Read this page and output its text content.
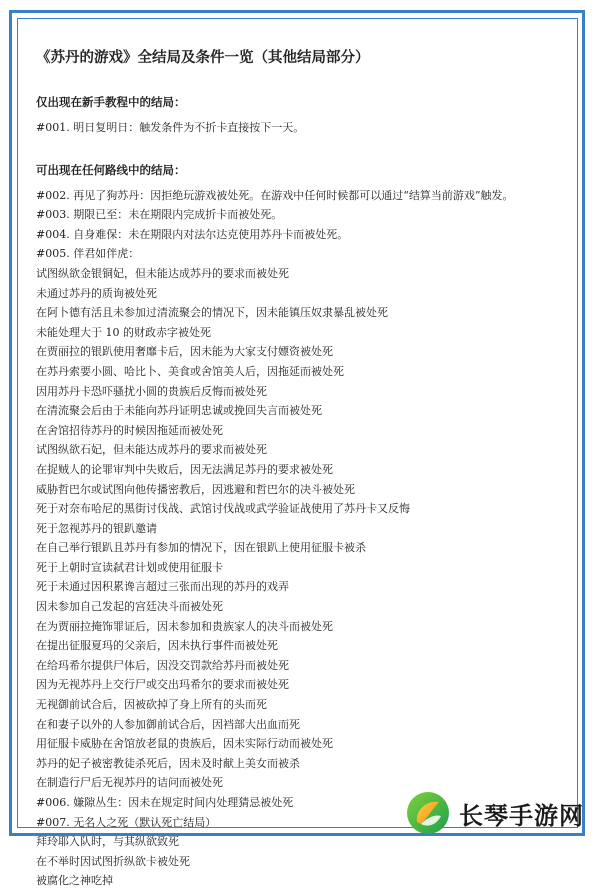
《苏丹的游戏》全结局及条件一览（其他结局部分）
仅出现在新手教程中的结局：
#001. 明日复明日：触发条件为不折卡直接按下一天。
可出现在任何路线中的结局：
#002. 再见了狗苏丹：因拒绝玩游戏被处死。在游戏中任何时候都可以通过“结算当前游戏”触发。
#003. 期限已至：未在期限内完成折卡而被处死。
#004. 自身难保：未在期限内对法尔达克使用苏丹卡而被处死。
#005. 伴君如伴虎：
试图纵欲金银铜妃，但未能达成苏丹的要求而被处死
未通过苏丹的质询被处死
在阿卜德有活且未参加过清流聚会的情况下，因未能镇压奴隶暴乱被处死
未能处理大于 10 的财政赤字被处死
在贾丽拉的银趴使用奢靡卡后，因未能为大家支付嫖资被处死
在苏丹索要小圆、哈比卜、美食或舍馆美人后，因拖延而被处死
因用苏丹卡恐吓骚扰小圆的贵族后反悔而被处死
在清流聚会后由于未能向苏丹证明忠诚或挽回失言而被处死
在舍馆招待苏丹的时候因拖延而被处死
试图纵欲石妃，但未能达成苏丹的要求而被处死
在捉贼人的论罪审判中失败后，因无法满足苏丹的要求被处死
威胁哲巴尔或试图向他传播密教后，因逃避和哲巴尔的决斗被处死
死于对奈布哈尼的黑街讨伐战、武馆讨伐战或武学验证战使用了苏丹卡又反悔
死于忽视苏丹的银趴邀请
在自己举行银趴且苏丹有参加的情况下，因在银趴上使用征服卡被杀
死于上朝时宣读弑君计划或使用征服卡
死于未通过因积累谗言超过三张而出现的苏丹的戏弄
因未参加自己发起的宫廷决斗而被处死
在为贾丽拉掩饰罪证后，因未参加和贵族家人的决斗而被处死
在提出征服夏玛的父亲后，因未执行事件而被处死
在给玛希尔提供尸体后，因没交罚款给苏丹而被处死
因为无视苏丹上交行尸或交出玛希尔的要求而被处死
无视御前试合后，因被砍掉了身上所有的头而死
在和妻子以外的人参加御前试合后，因裆部大出血而死
用征服卡威胁在舍馆放老鼠的贵族后，因未实际行动而被处死
苏丹的妃子被密教徒杀死后，因未及时献上美女而被杀
在制造行尸后无视苏丹的诘问而被处死
#006. 嫌隙丛生：因未在规定时间内处理猜忌被处死
#007. 无名人之死（默认死亡结局）
拜玲耶入队时，与其纵欲致死
在不举时因试图折纵欲卡被处死
被腐化之神吃掉
长琴手游网
